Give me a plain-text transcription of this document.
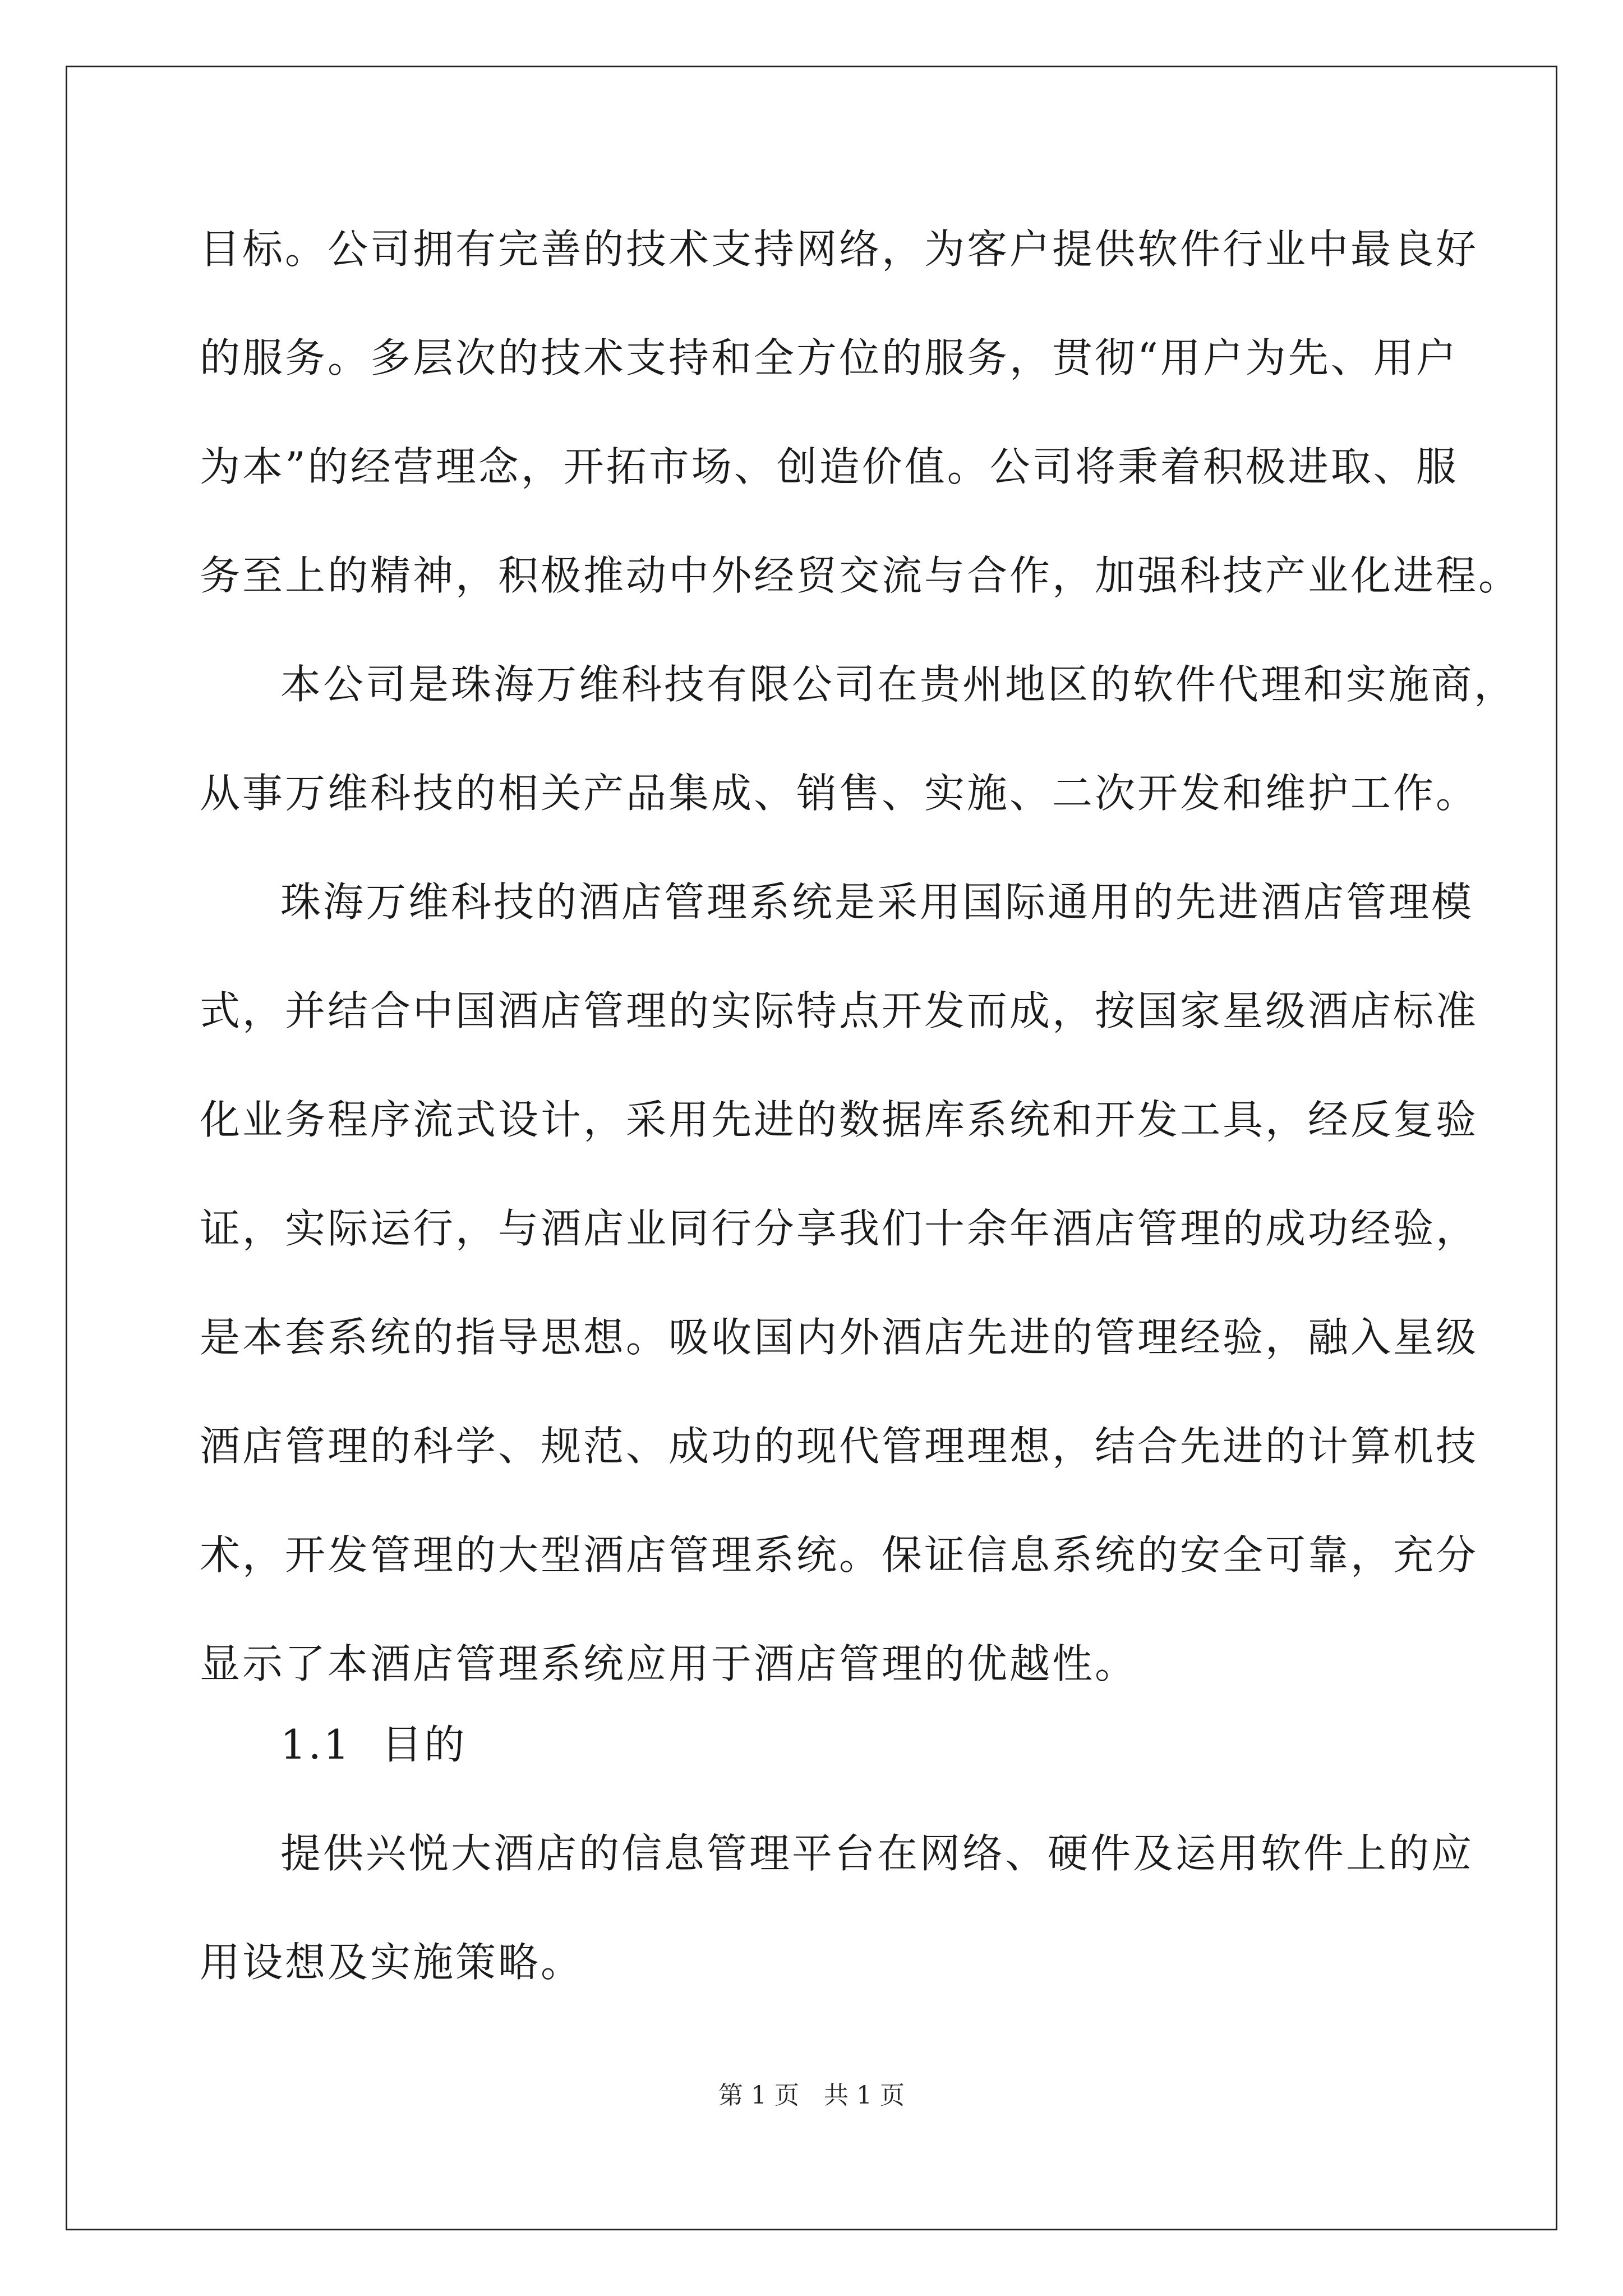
目标。公司拥有完善的技术支持网络，为客户提供软件行业中最良好
的服务。多层次的技术支持和全方位的服务，贯彻“用户为先、用户
为本”的经营理念，开拓市场、创造价值。公司将秉着积极进取、服
务至上的精神，积极推动中外经贸交流与合作，加强科技产业化进程。
本公司是珠海万维科技有限公司在贵州地区的软件代理和实施商，
从事万维科技的相关产品集成、销售、实施、二次开发和维护工作。
珠海万维科技的酒店管理系统是采用国际通用的先进酒店管理模
式，并结合中国酒店管理的实际特点开发而成，按国家星级酒店标准
化业务程序流式设计，采用先进的数据库系统和开发工具，经反复验
证，实际运行，与酒店业同行分享我们十余年酒店管理的成功经验，
是本套系统的指导思想。吸收国内外酒店先进的管理经验，融入星级
酒店管理的科学、规范、成功的现代管理理想，结合先进的计算机技
术，开发管理的大型酒店管理系统。保证信息系统的安全可靠，充分
显示了本酒店管理系统应用于酒店管理的优越性。
1.1  目的
提供兴悦大酒店的信息管理平台在网络、硬件及运用软件上的应
用设想及实施策略。
第 1 页　共 1 页
